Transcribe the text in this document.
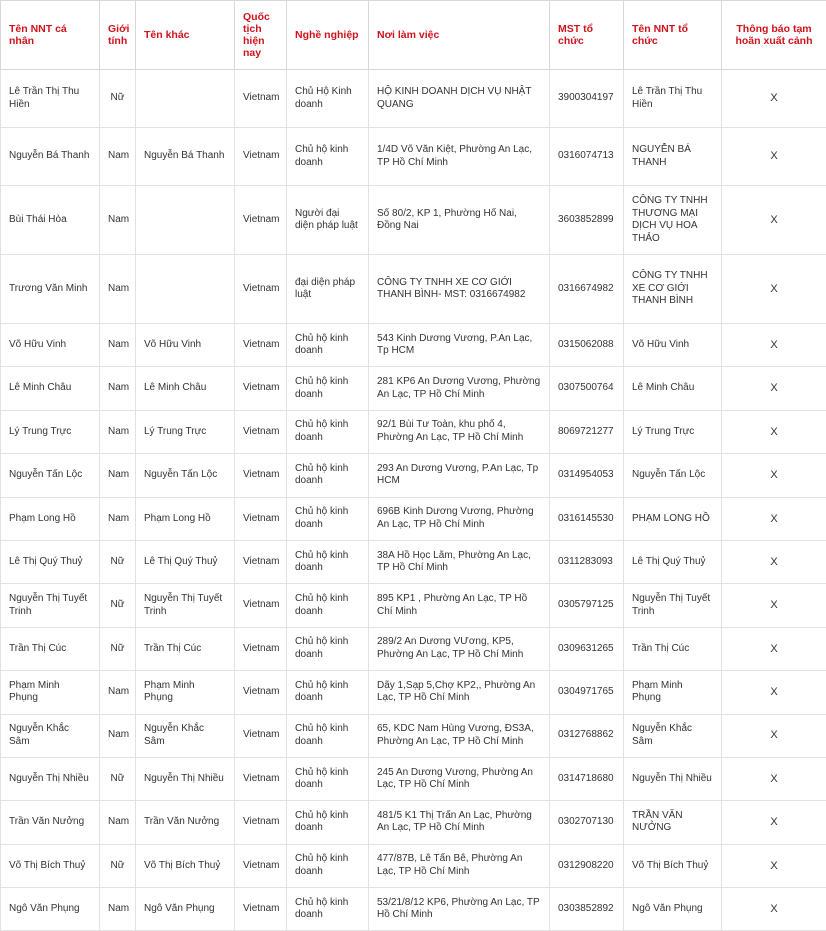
Tên NNT cá nhân	Giới tính	Tên khác	Quốc tịch hiện nay	Nghề nghiệp	Nơi làm việc	MST tổ chức	Tên NNT tổ chức	Thông báo tạm hoãn xuất cảnh
Lê Trần Thị Thu Hiền	Nữ		Vietnam	Chủ Hộ Kinh doanh	HỘ KINH DOANH DỊCH VỤ NHẬT QUANG	3900304197	Lê Trần Thị Thu Hiền	X
Nguyễn Bá Thanh	Nam	Nguyễn Bá Thanh	Vietnam	Chủ hộ kinh doanh	1/4D Võ Văn Kiệt, Phường An Lạc, TP Hồ Chí Minh	0316074713	NGUYỄN BÁ THANH	X
Bùi Thái Hòa	Nam		Vietnam	Người đại diện pháp luật	Số 80/2, KP 1, Phường Hố Nai, Đồng Nai	3603852899	CÔNG TY TNHH THƯƠNG MẠI DỊCH VỤ HOA THẢO	X
Trương Văn Minh	Nam		Vietnam	đại diện pháp luật	CÔNG TY TNHH XE CƠ GIỚI THANH BÌNH- MST: 0316674982	0316674982	CÔNG TY TNHH XE CƠ GIỚI THANH BÌNH	X
Võ Hữu Vinh	Nam	Võ Hữu Vinh	Vietnam	Chủ hộ kinh doanh	543 Kinh Dương Vương, P.An Lạc, Tp HCM	0315062088	Võ Hữu Vinh	X
Lê Minh Châu	Nam	Lê Minh Châu	Vietnam	Chủ hộ kinh doanh	281 KP6 An Dương Vương, Phường An Lạc, TP Hồ Chí Minh	0307500764	Lê Minh Châu	X
Lý Trung Trực	Nam	Lý Trung Trực	Vietnam	Chủ hộ kinh doanh	92/1 Bùi Tư Toàn, khu phố 4, Phường An Lạc, TP Hồ Chí Minh	8069721277	Lý Trung Trực	X
Nguyễn Tấn Lộc	Nam	Nguyễn Tấn Lộc	Vietnam	Chủ hộ kinh doanh	293 An Dương Vương, P.An Lạc, Tp HCM	0314954053	Nguyễn Tấn Lộc	X
Phạm Long Hồ	Nam	Phạm Long Hồ	Vietnam	Chủ hộ kinh doanh	696B Kinh Dương Vương, Phường An Lạc, TP Hồ Chí Minh	0316145530	PHẠM LONG HỒ	X
Lê Thị Quý Thuỷ	Nữ	Lê Thị Quý Thuỷ	Vietnam	Chủ hộ kinh doanh	38A Hồ Học Lãm, Phường An Lạc, TP Hồ Chí Minh	0311283093	Lê Thị Quý Thuỷ	X
Nguyễn Thị Tuyết Trinh	Nữ	Nguyễn Thị Tuyết Trinh	Vietnam	Chủ hộ kinh doanh	895 KP1 , Phường An Lạc, TP Hồ Chí Minh	0305797125	Nguyễn Thị Tuyết Trinh	X
Trần Thị Cúc	Nữ	Trần Thị Cúc	Vietnam	Chủ hộ kinh doanh	289/2 An Dương VƯơng, KP5, Phường An Lạc, TP Hồ Chí Minh	0309631265	Trần Thị Cúc	X
Phạm Minh Phụng	Nam	Phạm Minh Phụng	Vietnam	Chủ hộ kinh doanh	Dãy 1,Sạp 5,Chợ KP2,, Phường An Lạc, TP Hồ Chí Minh	0304971765	Phạm Minh Phụng	X
Nguyễn Khắc Sâm	Nam	Nguyễn Khắc Sâm	Vietnam	Chủ hộ kinh doanh	65, KDC Nam Hùng Vương, ĐS3A, Phường An Lạc, TP Hồ Chí Minh	0312768862	Nguyễn Khắc Sâm	X
Nguyễn Thị Nhiều	Nữ	Nguyễn Thị Nhiều	Vietnam	Chủ hộ kinh doanh	245 An Dương Vương, Phường An Lạc, TP Hồ Chí Minh	0314718680	Nguyễn Thị Nhiều	X
Trần Văn Nưởng	Nam	Trần Văn Nưởng	Vietnam	Chủ hộ kinh doanh	481/5 K1 Thị Trấn An Lạc, Phường An Lạc, TP Hồ Chí Minh	0302707130	TRẦN VĂN NƯỞNG	X
Võ Thị Bích Thuỷ	Nữ	Võ Thị Bích Thuỷ	Vietnam	Chủ hộ kinh doanh	477/87B, Lê Tấn Bê, Phường An Lạc, TP Hồ Chí Minh	0312908220	Võ Thị Bích Thuỷ	X
Ngô Văn Phụng	Nam	Ngô Văn Phụng	Vietnam	Chủ hộ kinh doanh	53/21/8/12 KP6, Phường An Lạc, TP Hồ Chí Minh	0303852892	Ngô Văn Phụng	X
